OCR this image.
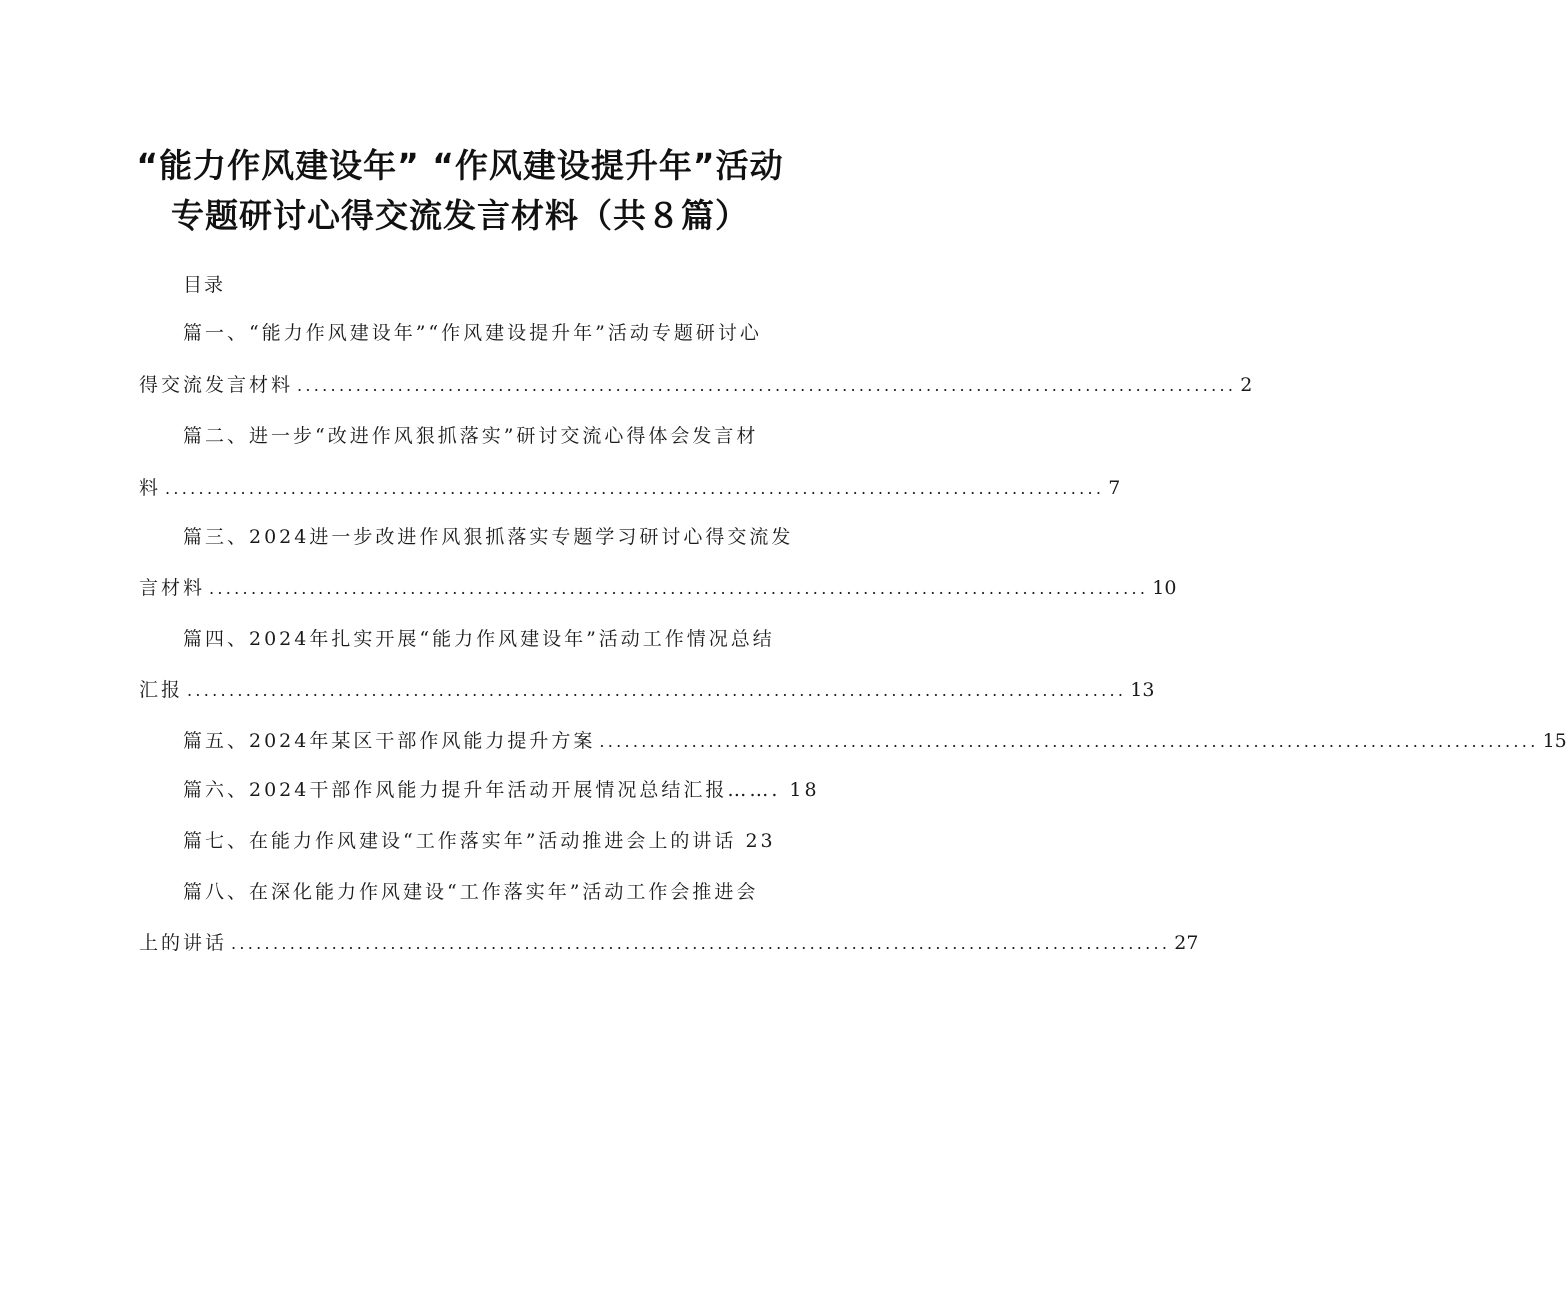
“能力作风建设年” “作风建设提升年”活动
专题研讨心得交流发言材料（共８篇）
目录
篇一、“能力作风建设年”“作风建设提升年”活动专题研讨心
得交流发言材料 ................................................................................................................ 2
篇二、进一步“改进作风狠抓落实”研讨交流心得体会发言材
料 ................................................................................................................ 7
篇三、2024进一步改进作风狠抓落实专题学习研讨心得交流发
言材料 ................................................................................................................ 10
篇四、2024年扎实开展“能力作风建设年”活动工作情况总结
汇报 ................................................................................................................ 13
篇五、2024年某区干部作风能力提升方案 ................................................................................................................ 15
篇六、2024干部作风能力提升年活动开展情况总结汇报……. 18
篇七、在能力作风建设“工作落实年”活动推进会上的讲话 23
篇八、在深化能力作风建设“工作落实年”活动工作会推进会
上的讲话 ................................................................................................................ 27
